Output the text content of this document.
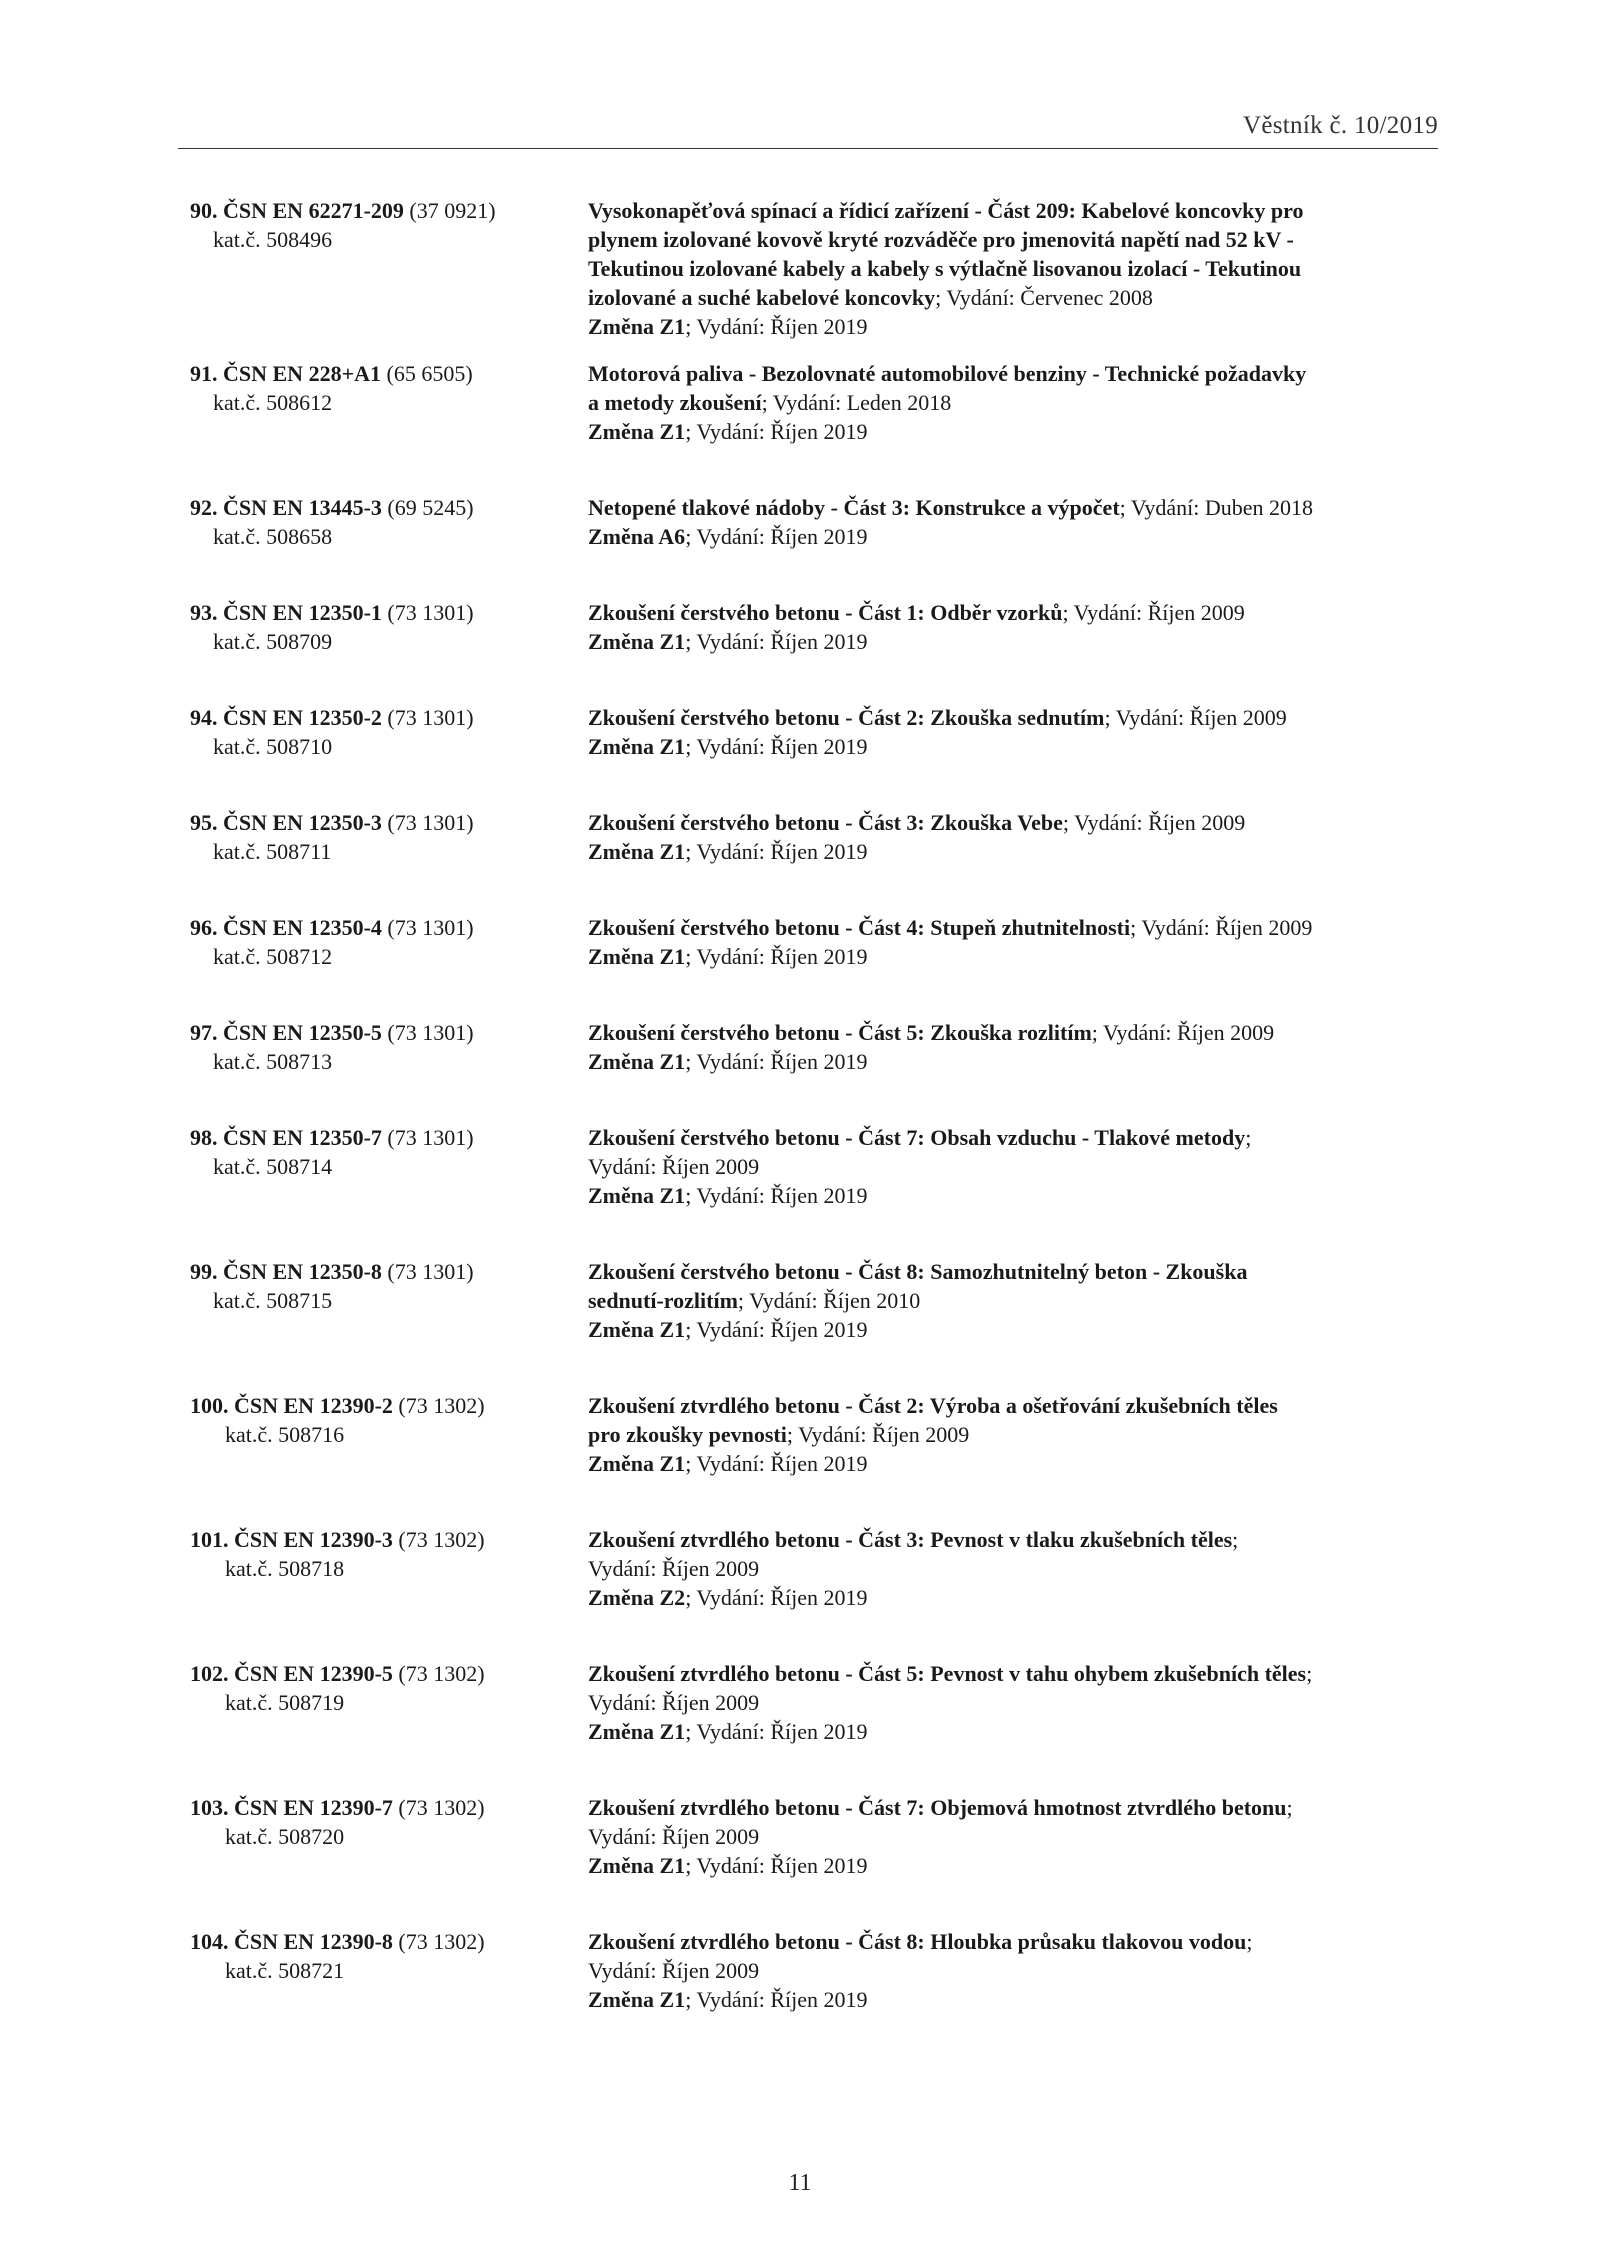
Věstník č. 10/2019
90. ČSN EN 62271-209 (37 0921)
kat.č. 508496
Vysokonapěťová spínací a řídicí zařízení - Část 209: Kabelové koncovky pro
plynem izolované kovově kryté rozváděče pro jmenovitá napětí nad 52 kV -
Tekutinou izolované kabely a kabely s výtlačně lisovanou izolací - Tekutinou
izolované a suché kabelové koncovky; Vydání: Červenec 2008
Změna Z1; Vydání: Říjen 2019
91. ČSN EN 228+A1 (65 6505)
kat.č. 508612
Motorová paliva - Bezolovnaté automobilové benziny - Technické požadavky
a metody zkoušení; Vydání: Leden 2018
Změna Z1; Vydání: Říjen 2019
92. ČSN EN 13445-3 (69 5245)
kat.č. 508658
Netopené tlakové nádoby - Část 3: Konstrukce a výpočet; Vydání: Duben 2018
Změna A6; Vydání: Říjen 2019
93. ČSN EN 12350-1 (73 1301)
kat.č. 508709
Zkoušení čerstvého betonu - Část 1: Odběr vzorků; Vydání: Říjen 2009
Změna Z1; Vydání: Říjen 2019
94. ČSN EN 12350-2 (73 1301)
kat.č. 508710
Zkoušení čerstvého betonu - Část 2: Zkouška sednutím; Vydání: Říjen 2009
Změna Z1; Vydání: Říjen 2019
95. ČSN EN 12350-3 (73 1301)
kat.č. 508711
Zkoušení čerstvého betonu - Část 3: Zkouška Vebe; Vydání: Říjen 2009
Změna Z1; Vydání: Říjen 2019
96. ČSN EN 12350-4 (73 1301)
kat.č. 508712
Zkoušení čerstvého betonu - Část 4: Stupeň zhutnitelnosti; Vydání: Říjen 2009
Změna Z1; Vydání: Říjen 2019
97. ČSN EN 12350-5 (73 1301)
kat.č. 508713
Zkoušení čerstvého betonu - Část 5: Zkouška rozlitím; Vydání: Říjen 2009
Změna Z1; Vydání: Říjen 2019
98. ČSN EN 12350-7 (73 1301)
kat.č. 508714
Zkoušení čerstvého betonu - Část 7: Obsah vzduchu - Tlakové metody;
Vydání: Říjen 2009
Změna Z1; Vydání: Říjen 2019
99. ČSN EN 12350-8 (73 1301)
kat.č. 508715
Zkoušení čerstvého betonu - Část 8: Samozhutnitelný beton - Zkouška
sednutí-rozlitím; Vydání: Říjen 2010
Změna Z1; Vydání: Říjen 2019
100. ČSN EN 12390-2 (73 1302)
kat.č. 508716
Zkoušení ztvrdlého betonu - Část 2: Výroba a ošetřování zkušebních těles
pro zkoušky pevnosti; Vydání: Říjen 2009
Změna Z1; Vydání: Říjen 2019
101. ČSN EN 12390-3 (73 1302)
kat.č. 508718
Zkoušení ztvrdlého betonu - Část 3: Pevnost v tlaku zkušebních těles;
Vydání: Říjen 2009
Změna Z2; Vydání: Říjen 2019
102. ČSN EN 12390-5 (73 1302)
kat.č. 508719
Zkoušení ztvrdlého betonu - Část 5: Pevnost v tahu ohybem zkušebních těles;
Vydání: Říjen 2009
Změna Z1; Vydání: Říjen 2019
103. ČSN EN 12390-7 (73 1302)
kat.č. 508720
Zkoušení ztvrdlého betonu - Část 7: Objemová hmotnost ztvrdlého betonu;
Vydání: Říjen 2009
Změna Z1; Vydání: Říjen 2019
104. ČSN EN 12390-8 (73 1302)
kat.č. 508721
Zkoušení ztvrdlého betonu - Část 8: Hloubka průsaku tlakovou vodou;
Vydání: Říjen 2009
Změna Z1; Vydání: Říjen 2019
11
